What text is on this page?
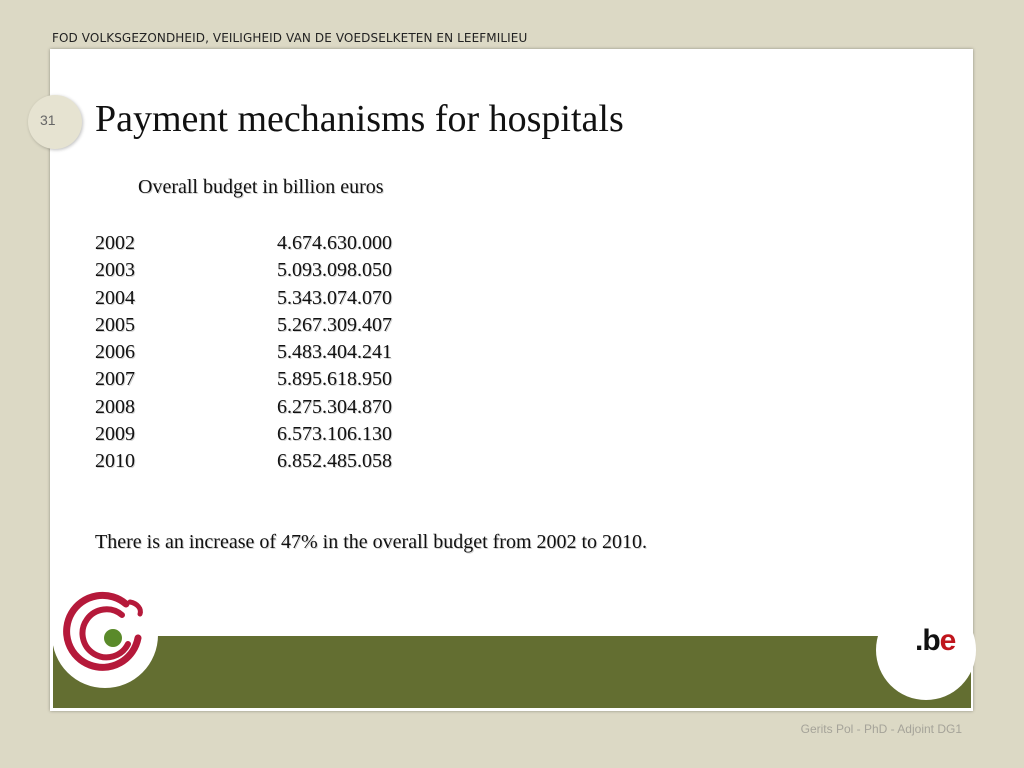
FOD VOLKSGEZONDHEID, VEILIGHEID VAN DE VOEDSELKETEN EN LEEFMILIEU
31 Payment mechanisms for hospitals
Overall budget in billion euros
2002	4.674.630.000
2003	5.093.098.050
2004	5.343.074.070
2005	5.267.309.407
2006	5.483.404.241
2007	5.895.618.950
2008	6.275.304.870
2009	6.573.106.130
2010	6.852.485.058
There is an increase of 47% in the overall budget from 2002 to 2010.
.be
Gerits Pol - PhD - Adjoint DG1
